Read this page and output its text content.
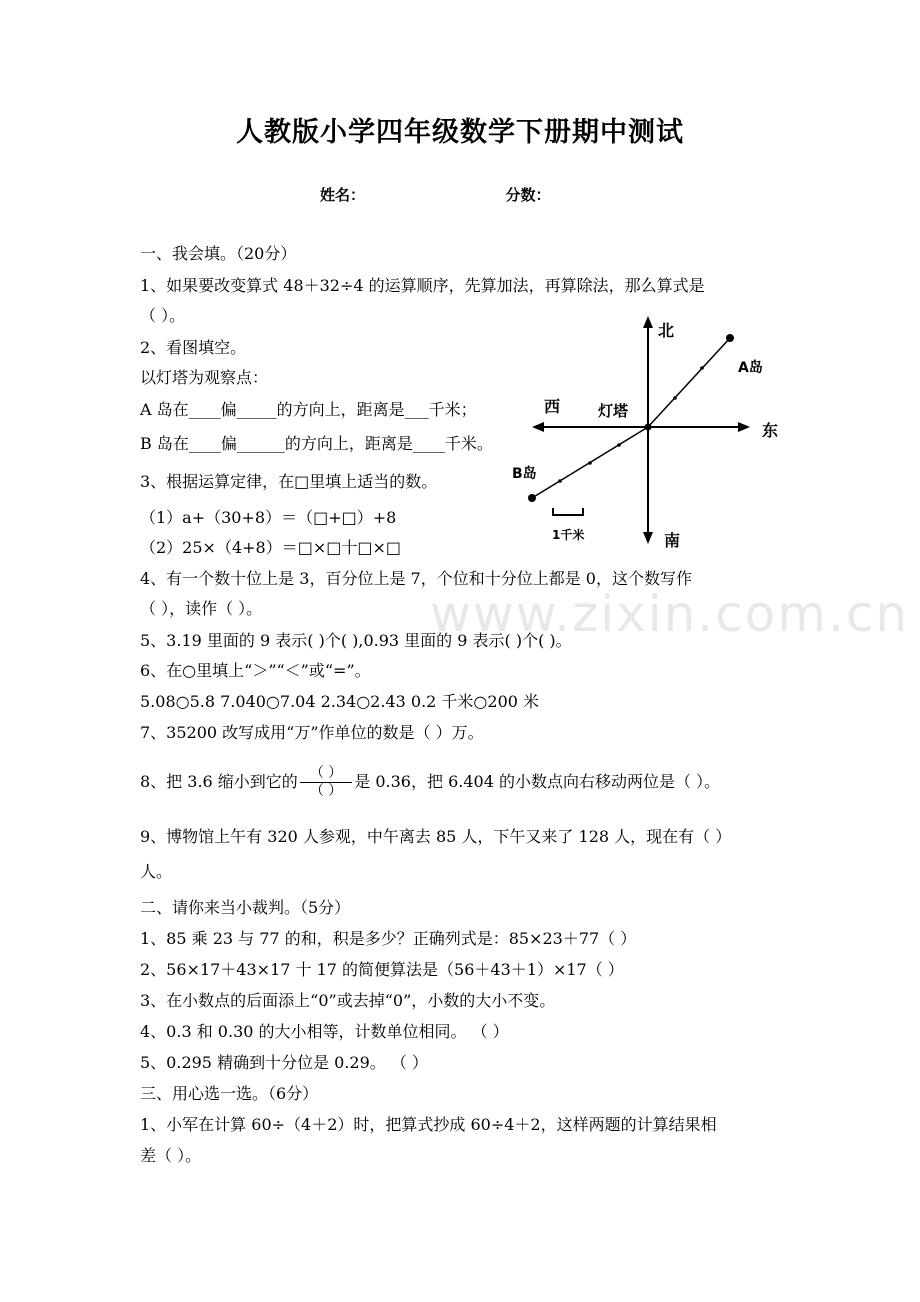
www.zixin.com.cn
人教版小学四年级数学下册期中测试
姓名：	分数：
一、我会填。（20分）
1、如果要改变算式 48＋32÷4 的运算顺序，先算加法，再算除法，那么算式是
（ ）。
2、看图填空。
以灯塔为观察点：
A 岛在____偏_____的方向上，距离是___千米；
B 岛在____偏______的方向上，距离是____千米。
3、根据运算定律，在□里填上适当的数。
（1）a+（30+8）＝（□+□）+8
（2）25×（4+8）＝□×□十□×□
4、有一个数十位上是 3，百分位上是 7，个位和十分位上都是 0，这个数写作
（ ），读作（ ）。
5、3.19 里面的 9 表示( )个( ),0.93 里面的 9 表示( )个( )。
6、在○里填上“＞”“＜”或“=”。
5.08○5.8 7.040○7.04 2.34○2.43 0.2 千米○200 米
7、35200 改写成用“万”作单位的数是（ ）万。
8、把 3.6 缩小到它的 $\frac{( )}{( )}$ 是 0.36，把 6.404 的小数点向右移动两位是（ ）。
9、博物馆上午有 320 人参观，中午离去 85 人，下午又来了 128 人，现在有（ ）
人。
二、请你来当小裁判。（5分）
1、85 乘 23 与 77 的和，积是多少？正确列式是：85×23＋77（ ）
2、56×17＋43×17 十 17 的简便算法是（56＋43＋1）×17（ ）
3、在小数点的后面添上“0”或去掉“0”，小数的大小不变。
4、0.3 和 0.30 的大小相等，计数单位相同。 （ ）
5、0.295 精确到十分位是 0.29。 （ ）
三、用心选一选。（6分）
1、小军在计算 60÷（4＋2）时，把算式抄成 60÷4＋2，这样两题的计算结果相
差（ ）。
北
南
东
西	灯塔
A岛
B岛
1千米
